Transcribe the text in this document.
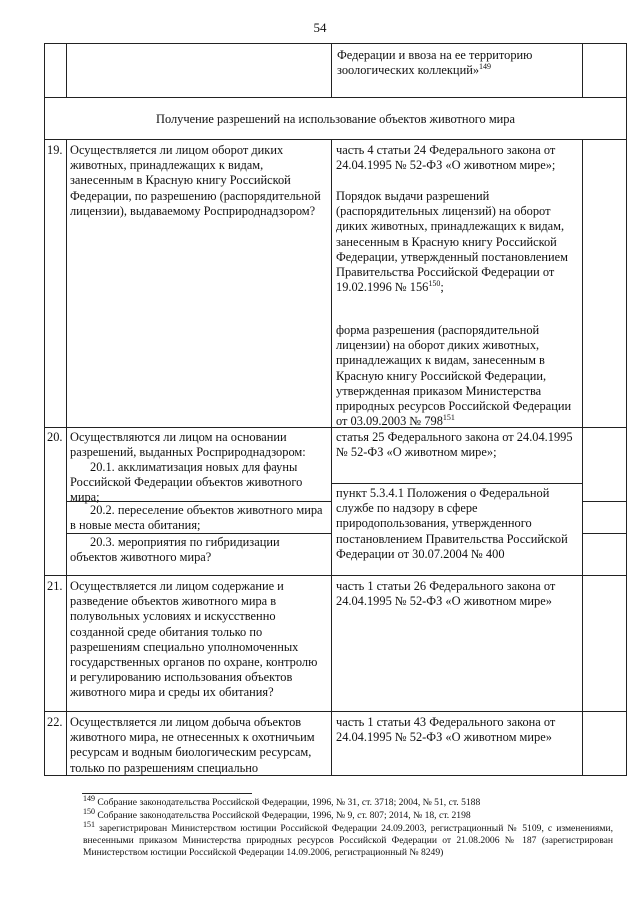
54
Федерации и ввоза на ее территорию зоологических коллекций»$^{149}$
Получение разрешений на использование объектов животного мира
19. Осуществляется ли лицом оборот диких животных, принадлежащих к видам, занесенным в Красную книгу Российской Федерации, по разрешению (распорядительной лицензии), выдаваемому Росприроднадзором?
часть 4 статьи 24 Федерального закона от 24.04.1995 № 52-ФЗ «О животном мире»;
Порядок выдачи разрешений (распорядительных лицензий) на оборот диких животных, принадлежащих к видам, занесенным в Красную книгу Российской Федерации, утвержденный постановлением Правительства Российской Федерации от 19.02.1996 № $156^{150}$;
форма разрешения (распорядительной лицензии) на оборот диких животных, принадлежащих к видам, занесенным в Красную книгу Российской Федерации, утвержденная приказом Министерства природных ресурсов Российской Федерации от 03.09.2003 № $798^{151}$
20. Осуществляются ли лицом на основании разрешений, выданных Росприроднадзором:
20.1. акклиматизация новых для фауны Российской Федерации объектов животного мира;
20.2. переселение объектов животного мира в новые места обитания;
20.3. мероприятия по гибридизации объектов животного мира?
статья 25 Федерального закона от 24.04.1995 № 52-ФЗ «О животном мире»;
пункт 5.3.4.1 Положения о Федеральной службе по надзору в сфере природопользования, утвержденного постановлением Правительства Российской Федерации от 30.07.2004 № 400
21. Осуществляется ли лицом содержание и разведение объектов животного мира в полувольных условиях и искусственно созданной среде обитания только по разрешениям специально уполномоченных государственных органов по охране, контролю и регулированию использования объектов животного мира и среды их обитания?
часть 1 статьи 26 Федерального закона от 24.04.1995 № 52-ФЗ «О животном мире»
22. Осуществляется ли лицом добыча объектов животного мира, не отнесенных к охотничьим ресурсам и водным биологическим ресурсам, только по разрешениям специально
часть 1 статьи 43 Федерального закона от 24.04.1995 № 52-ФЗ «О животном мире»
$^{149}$ Собрание законодательства Российской Федерации, 1996, № 31, ст. 3718; 2004, № 51, ст. 5188
$^{150}$ Собрание законодательства Российской Федерации, 1996, № 9, ст. 807; 2014, № 18, ст. 2198
$^{151}$ зарегистрирован Министерством юстиции Российской Федерации 24.09.2003, регистрационный № 5109, с изменениями, внесенными приказом Министерства природных ресурсов Российской Федерации от 21.08.2006 № 187 (зарегистрирован Министерством юстиции Российской Федерации 14.09.2006, регистрационный № 8249)
